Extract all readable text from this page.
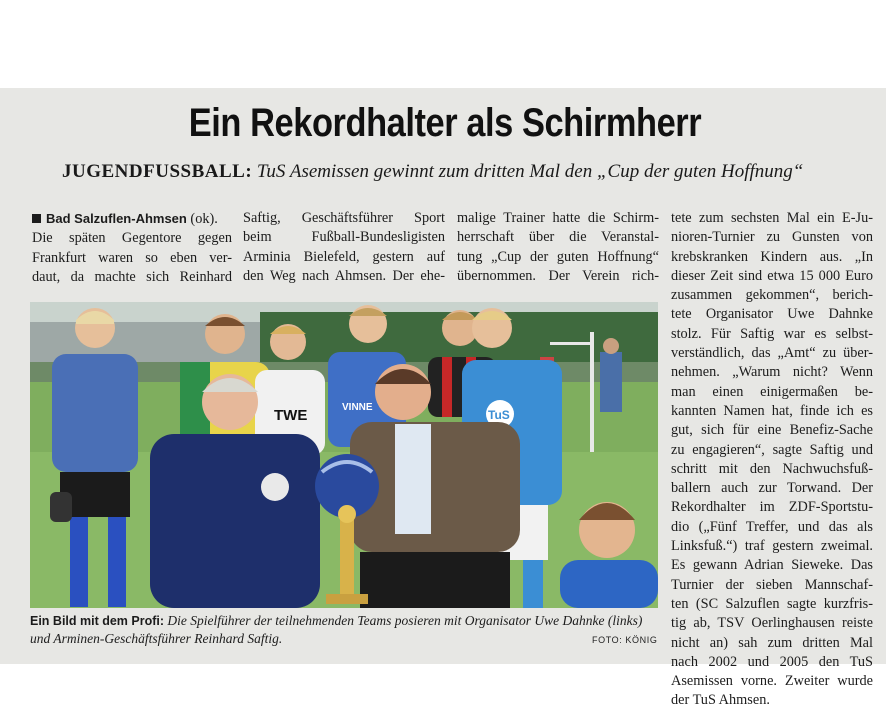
Ein Rekordhalter als Schirmherr
JUGENDFUSSBALL: TuS Asemissen gewinnt zum dritten Mal den „Cup der guten Hoffnung“
Bad Salzuflen-Ahmsen (ok).
Die späten Gegentore gegen
Frankfurt waren so eben ver-
daut, da machte sich Reinhard
Saftig, Geschäftsführer Sport
beim Fußball-Bundesligisten
Arminia Bielefeld, gestern auf
den Weg nach Ahmsen. Der ehe-
malige Trainer hatte die Schirm-
herrschaft über die Veranstal-
tung „Cup der guten Hoffnung“
übernommen. Der Verein rich-
tete zum sechsten Mal ein E-Ju-
nioren-Turnier zu Gunsten von
krebskranken Kindern aus. „In
dieser Zeit sind etwa 15 000 Euro
zusammen gekommen“, berich-
tete Organisator Uwe Dahnke
stolz. Für Saftig war es selbst-
verständlich, das „Amt“ zu über-
nehmen. „Warum nicht? Wenn
man einen einigermaßen be-
kannten Namen hat, finde ich es
gut, sich für eine Benefiz-Sache
zu engagieren“, sagte Saftig und
schritt mit den Nachwuchsfuß-
ballern auch zur Torwand. Der
Rekordhalter im ZDF-Sportstu-
dio („Fünf Treffer, und das als
Linksfuß.“) traf gestern zweimal.
Es gewann Adrian Sieweke. Das
Turnier der sieben Mannschaf-
ten (SC Salzuflen sagte kurzfris-
tig ab, TSV Oerlinghausen reiste
nicht an) sah zum dritten Mal
nach 2002 und 2005 den TuS
Asemissen vorne. Zweiter wurde
der TuS Ahmsen.
TWE	VINNE
TuS
Ein Bild mit dem Profi: Die Spielführer der teilnehmenden Teams posieren mit Organisator Uwe Dahnke (links) und Arminen-Geschäftsführer Reinhard Saftig.	FOTO: KÖNIG
